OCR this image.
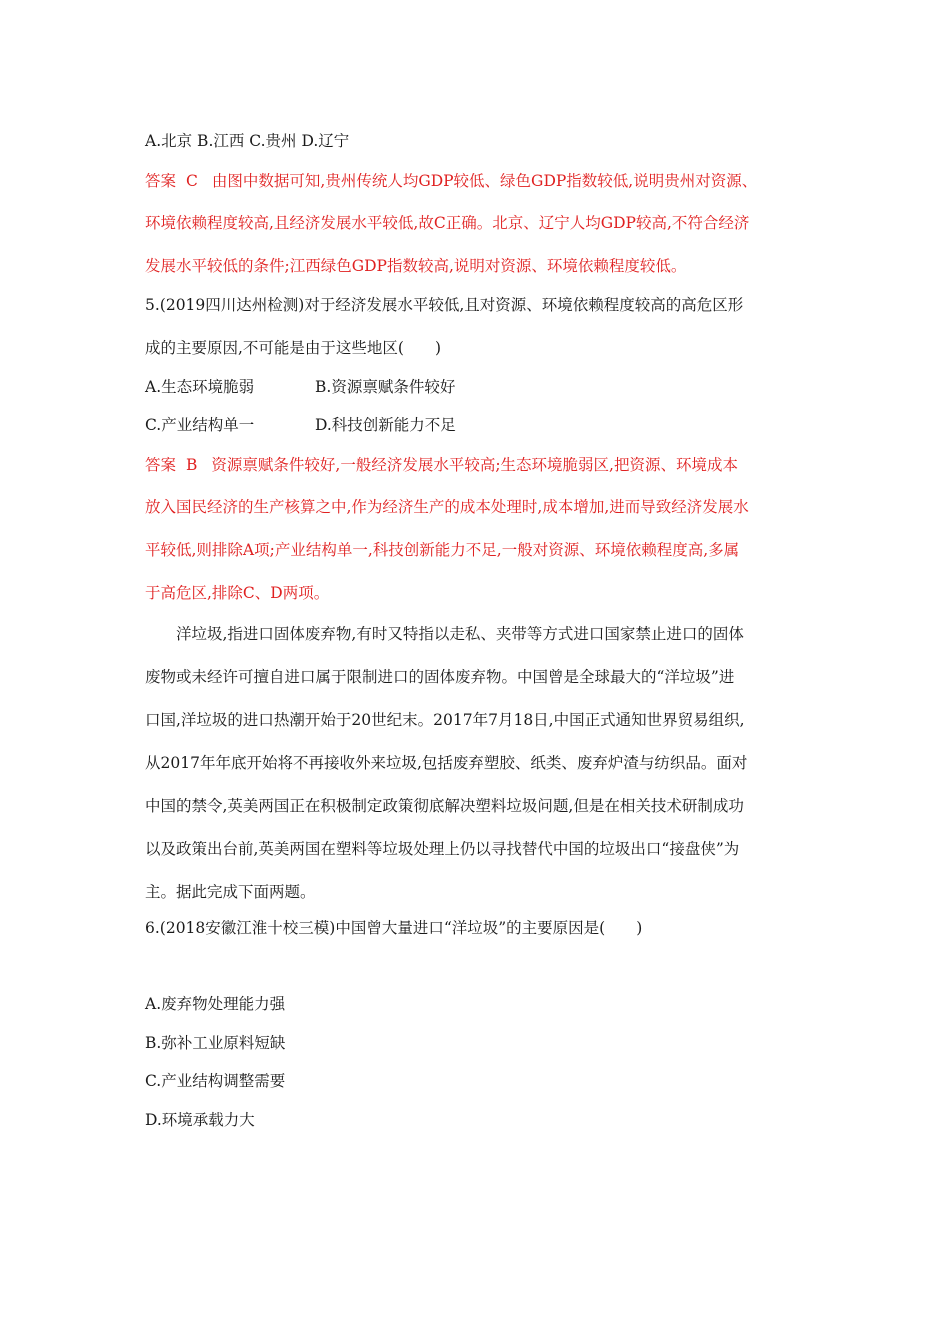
A.北京 B.江西 C.贵州 D.辽宁
答案 C 由图中数据可知,贵州传统人均GDP较低、绿色GDP指数较低,说明贵州对资源、
环境依赖程度较高,且经济发展水平较低,故C正确。北京、辽宁人均GDP较高,不符合经济
发展水平较低的条件;江西绿色GDP指数较高,说明对资源、环境依赖程度较低。
5.(2019四川达州检测)对于经济发展水平较低,且对资源、环境依赖程度较高的高危区形
成的主要原因,不可能是由于这些地区(　　)
A.生态环境脆弱	B.资源禀赋条件较好
C.产业结构单一	D.科技创新能力不足
答案 B 资源禀赋条件较好,一般经济发展水平较高;生态环境脆弱区,把资源、环境成本
放入国民经济的生产核算之中,作为经济生产的成本处理时,成本增加,进而导致经济发展水
平较低,则排除A项;产业结构单一,科技创新能力不足,一般对资源、环境依赖程度高,多属
于高危区,排除C、D两项。
洋垃圾,指进口固体废弃物,有时又特指以走私、夹带等方式进口国家禁止进口的固体
废物或未经许可擅自进口属于限制进口的固体废弃物。中国曾是全球最大的“洋垃圾”进
口国,洋垃圾的进口热潮开始于20世纪末。2017年7月18日,中国正式通知世界贸易组织,
从2017年年底开始将不再接收外来垃圾,包括废弃塑胶、纸类、废弃炉渣与纺织品。面对
中国的禁令,英美两国正在积极制定政策彻底解决塑料垃圾问题,但是在相关技术研制成功
以及政策出台前,英美两国在塑料等垃圾处理上仍以寻找替代中国的垃圾出口“接盘侠”为
主。据此完成下面两题。
6.(2018安徽江淮十校三模)中国曾大量进口“洋垃圾”的主要原因是(　　)
A.废弃物处理能力强
B.弥补工业原料短缺
C.产业结构调整需要
D.环境承载力大
